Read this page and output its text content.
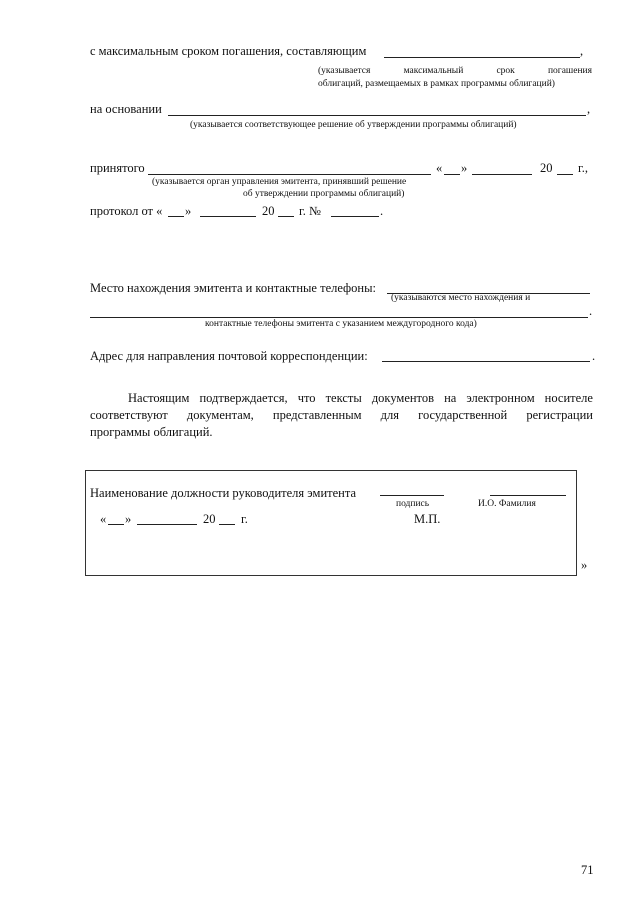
с максимальным сроком погашения, составляющим	,
(указывается	максимальный	срок	погашения
облигаций, размещаемых в рамках программы облигаций)
на основании	,
(указывается соответствующее решение об утверждении программы облигаций)
принятого	« »	20 г.,
(указывается орган управления эмитента, принявший решение
об утверждении программы облигаций)
протокол от « »	20 г. №	.
Место нахождения эмитента и контактные телефоны:
(указываются место нахождения и
.
контактные телефоны эмитента с указанием междугородного кода)
Адрес для направления почтовой корреспонденции:	.
Настоящим подтверждается, что тексты документов на электронном носителе
соответствуют документам, представленным для государственной регистрации
программы облигаций.
Наименование должности руководителя эмитента
подпись	И.О. Фамилия
« »	20 г.	М.П.
»
71
